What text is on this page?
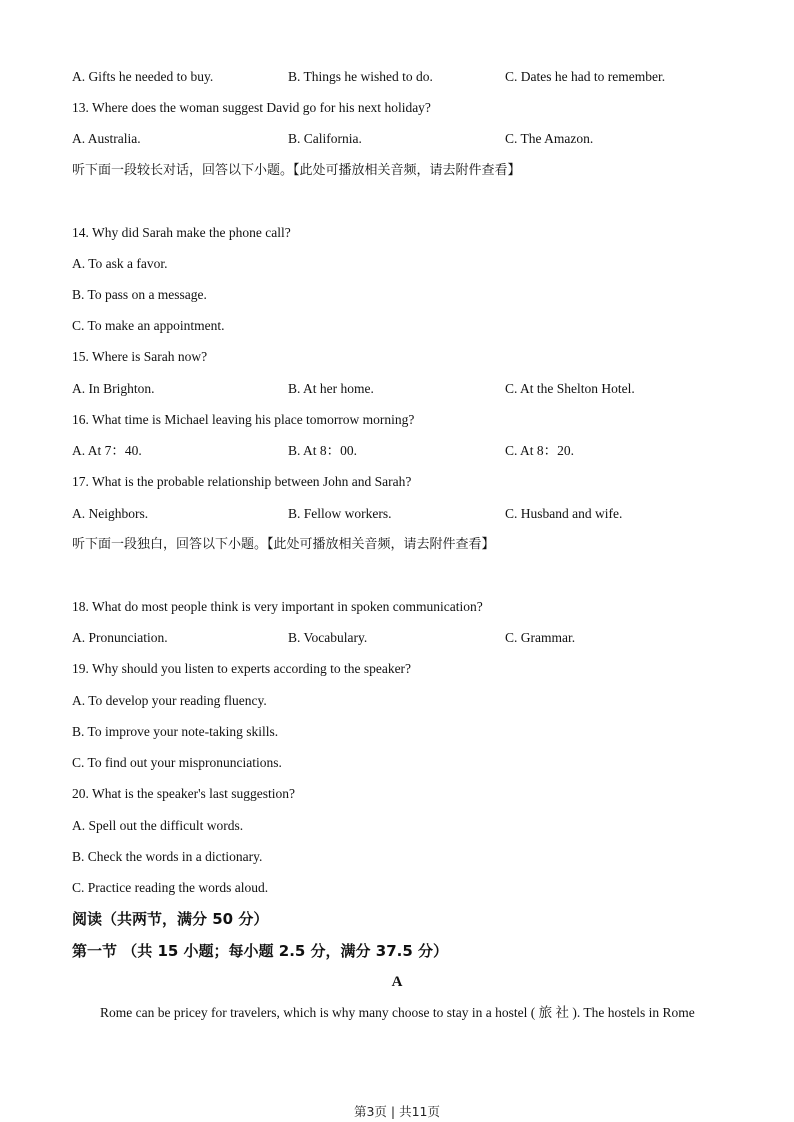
A. Gifts he needed to buy.	B. Things he wished to do.	C. Dates he had to remember.
13. Where does the woman suggest David go for his next holiday?
A. Australia.	B. California.	C. The Amazon.
听下面一段较长对话，回答以下小题。【此处可播放相关音频，请去附件查看】
14. Why did Sarah make the phone call?
A. To ask a favor.
B. To pass on a message.
C. To make an appointment.
15. Where is Sarah now?
A. In Brighton.	B. At her home.	C. At the Shelton Hotel.
16. What time is Michael leaving his place tomorrow morning?
A. At 7：40.	B. At 8：00.	C. At 8：20.
17. What is the probable relationship between John and Sarah?
A. Neighbors.	B. Fellow workers.	C. Husband and wife.
听下面一段独白，回答以下小题。【此处可播放相关音频，请去附件查看】
18. What do most people think is very important in spoken communication?
A. Pronunciation.	B. Vocabulary.	C. Grammar.
19. Why should you listen to experts according to the speaker?
A. To develop your reading fluency.
B. To improve your note-taking skills.
C. To find out your mispronunciations.
20. What is the speaker's last suggestion?
A. Spell out the difficult words.
B. Check the words in a dictionary.
C. Practice reading the words aloud.
阅读（共两节，满分 50 分）
第一节 （共 15 小题；每小题 2.5 分，满分 37.5 分）
A
Rome can be pricey for travelers, which is why many choose to stay in a hostel ( 旅 社 ). The hostels in Rome
第3页 | 共11页
